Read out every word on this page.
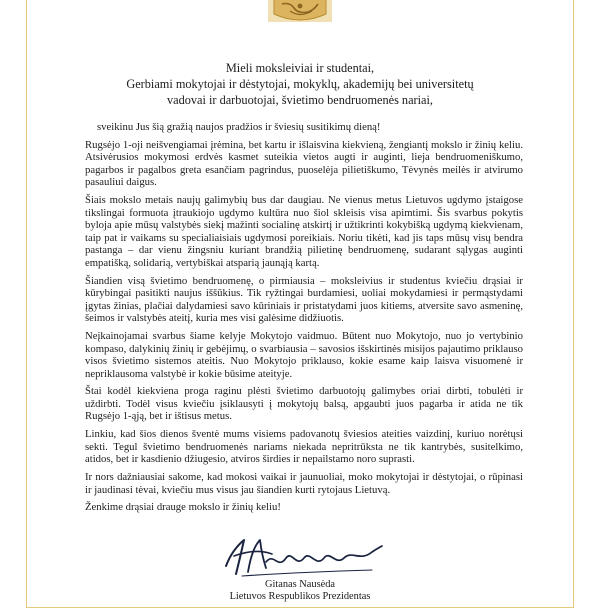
Mieli moksleiviai ir studentai,
Gerbiami mokytojai ir dėstytojai, mokyklų, akademijų bei universitetų
vadovai ir darbuotojai, švietimo bendruomenės nariai,

sveikinu Jus šią gražią naujos pradžios ir šviesių susitikimų dieną!

Rugsėjo 1-oji neišvengiamai įrėmina, bet kartu ir išlaisvina kiekvieną, žengiantį mokslo ir žinių keliu. Atsivėrusios mokymosi erdvės kasmet suteikia vietos augti ir auginti, lieja bendruomeniškumo, pagarbos ir pagalbos greta esančiam pagrindus, puoselėja pilietiškumo, Tėvynės meilės ir atvirumo pasauliui daigus.

Šiais mokslo metais naujų galimybių bus dar daugiau. Ne vienus metus Lietuvos ugdymo įstaigose tikslingai formuota įtraukiojo ugdymo kultūra nuo šiol skleisis visa apimtimi. Šis svarbus pokytis byloja apie mūsų valstybės siekį mažinti socialinę atskirtį ir užtikrinti kokybišką ugdymą kiekvienam, taip pat ir vaikams su specialiaisiais ugdymosi poreikiais. Noriu tikėti, kad jis taps mūsų visų bendra pastanga – dar vienu žingsniu kuriant brandžią pilietinę bendruomenę, sudarant sąlygas auginti empatišką, solidarią, vertybiškai atsparią jaunąją kartą.

Šiandien visą švietimo bendruomenę, o pirmiausia – moksleivius ir studentus kviečiu drąsiai ir kūrybingai pasitikti naujus iššūkius. Tik ryžtingai burdamiesi, uoliai mokydamiesi ir permąstydami įgytas žinias, plačiai dalydamiesi savo kūriniais ir pristatydami juos kitiems, atversite savo asmeninę, šeimos ir valstybės ateitį, kuria mes visi galėsime didžiuotis.

Neįkainojamai svarbus šiame kelyje Mokytojo vaidmuo. Būtent nuo Mokytojo, nuo jo vertybinio kompaso, dalykinių žinių ir gebėjimų, o svarbiausia – savosios išskirtinės misijos pajautimo priklauso visos švietimo sistemos ateitis. Nuo Mokytojo priklauso, kokie esame kaip laisva visuomenė ir nepriklausoma valstybė ir kokie būsime ateityje.

Štai kodėl kiekviena proga raginu plėsti švietimo darbuotojų galimybes oriai dirbti, tobulėti ir uždirbti. Todėl visus kviečiu įsiklausyti į mokytojų balsą, apgaubti juos pagarba ir atida ne tik Rugsėjo 1-ąją, bet ir ištisus metus.

Linkiu, kad šios dienos šventė mums visiems padovanotų šviesios ateities vaizdinį, kuriuo norėtųsi sekti. Tegul švietimo bendruomenės nariams niekada nepritrūksta ne tik kantrybės, susitelkimo, atidos, bet ir kasdienio džiugesio, atviros širdies ir nepailstamo noro suprasti.

Ir nors dažniausiai sakome, kad mokosi vaikai ir jaunuoliai, moko mokytojai ir dėstytojai, o rūpinasi ir jaudinasi tėvai, kviečiu mus visus jau šiandien kurti rytojaus Lietuvą.

Ženkime drąsiai drauge mokslo ir žinių keliu!

Gitanas Nausėda
Lietuvos Respublikos Prezidentas
